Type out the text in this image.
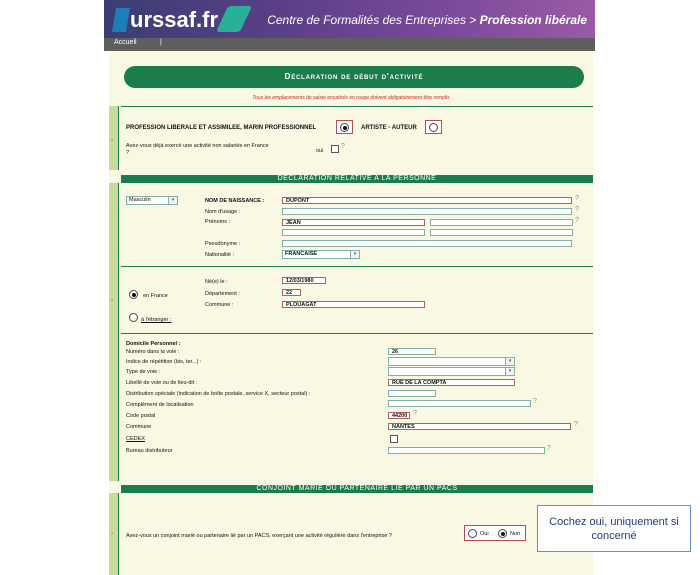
urssaf.fr	Centre de Formalités des Entreprises > Profession libérale
Accueil	|
Déclaration de début d'activité
Tous les emplacements de saisie encadrés en rouge doivent obligatoirement être remplis
›
PROFESSION LIBERALE ET ASSIMILEE, MARIN PROFESSIONNEL	ARTISTE - AUTEUR
Avez-vous déjà exercé une activité non salariée en France ?	oui
?
DECLARATION RELATIVE A LA PERSONNE
›
Masculin	▾	NOM DE NAISSANCE :	DUPONT	?
Nom d'usage :	?
Prénoms :	JEAN	?
Pseudonyme :
Nationalité :	FRANCAISE	▾
Né(e) le :	12/03/1980
Département :	22
en France
Commune :	PLOUAGAT
à l'étranger :
Domicile Personnel :
Numéro dans la voie :	26
Indice de répétition (bis, ter...) :	▾
Type de voie :	▾
Libellé de voie ou de lieu-dit :	RUE DE LA COMPTA
Distribution spéciale (indication de boîte postale, service X, secteur postal) :
Complément de localisation	?
Code postal	44200 ?
Commune	NANTES	?
CEDEX
Bureau distributeur	?
CONJOINT MARIE OU PARTENAIRE LIE PAR UN PACS
› Avez-vous un conjoint marié ou partenaire lié par un PACS, exerçant une activité régulière dans l'entreprise ?	Oui	Non
Cochez oui, uniquement si concerné
